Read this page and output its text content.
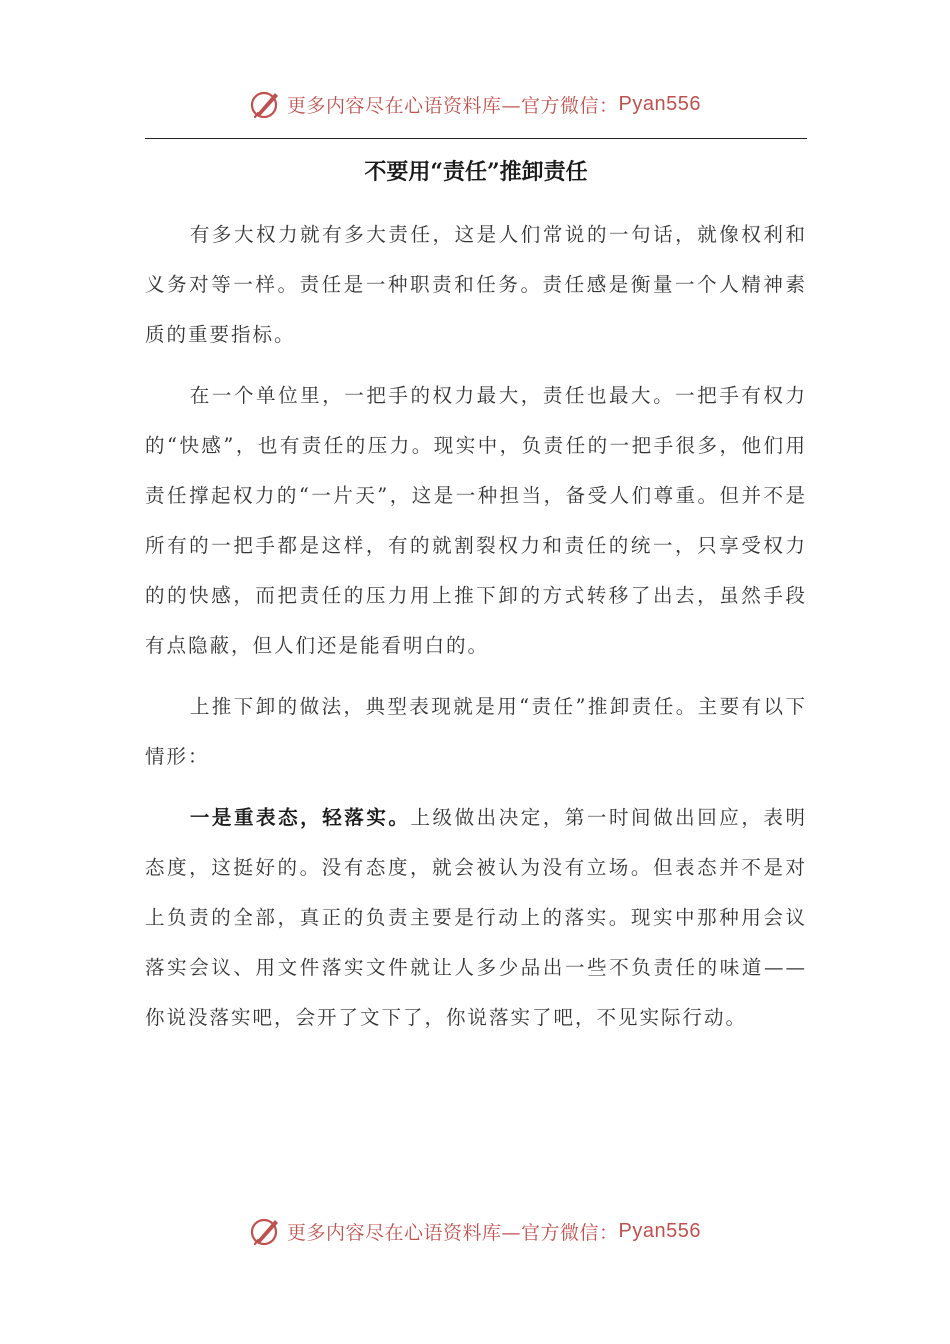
更多内容尽在心语资料库—官方微信： Pyan556
不要用“责任”推卸责任

有多大权力就有多大责任，这是人们常说的一句话，就像权利和义务对等一样。责任是一种职责和任务。责任感是衡量一个人精神素质的重要指标。

在一个单位里，一把手的权力最大，责任也最大。一把手有权力的“快感”，也有责任的压力。现实中，负责任的一把手很多，他们用责任撑起权力的“一片天”，这是一种担当，备受人们尊重。但并不是所有的一把手都是这样，有的就割裂权力和责任的统一，只享受权力的的快感，而把责任的压力用上推下卸的方式转移了出去，虽然手段有点隐蔽，但人们还是能看明白的。

上推下卸的做法，典型表现就是用“责任”推卸责任。主要有以下情形：

一是重表态，轻落实。上级做出决定，第一时间做出回应，表明态度，这挺好的。没有态度，就会被认为没有立场。但表态并不是对上负责的全部，真正的负责主要是行动上的落实。现实中那种用会议落实会议、用文件落实文件就让人多少品出一些不负责任的味道——你说没落实吧，会开了文下了，你说落实了吧，不见实际行动。

更多内容尽在心语资料库—官方微信： Pyan556
